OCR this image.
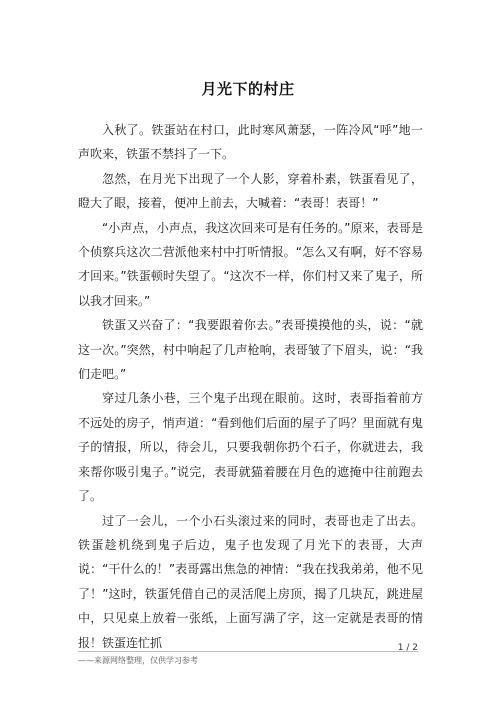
月光下的村庄

入秋了。铁蛋站在村口，此时寒风萧瑟，一阵冷风“呼”地一声吹来，铁蛋不禁抖了一下。

忽然，在月光下出现了一个人影，穿着朴素，铁蛋看见了，瞪大了眼，接着，便冲上前去，大喊着：“表哥！表哥！”

“小声点，小声点，我这次回来可是有任务的。”原来，表哥是个侦察兵这次二营派他来村中打听情报。“怎么又有啊，好不容易才回来。”铁蛋顿时失望了。“这次不一样，你们村又来了鬼子，所以我才回来。”

铁蛋又兴奋了：“我要跟着你去。”表哥摸摸他的头，说：“就这一次。”突然，村中响起了几声枪响，表哥皱了下眉头，说：“我们走吧。”

穿过几条小巷，三个鬼子出现在眼前。这时，表哥指着前方不远处的房子，悄声道：“看到他们后面的屋子了吗？里面就有鬼子的情报，所以，待会儿，只要我朝你扔个石子，你就进去，我来帮你吸引鬼子。”说完，表哥就猫着腰在月色的遮掩中往前跑去了。

过了一会儿，一个小石头滚过来的同时，表哥也走了出去。铁蛋趁机绕到鬼子后边，鬼子也发现了月光下的表哥，大声说：“干什么的！”表哥露出焦急的神情：“我在找我弟弟，他不见了！”这时，铁蛋凭借自己的灵活爬上房顶，揭了几块瓦，跳进屋中，只见桌上放着一张纸，上面写满了字，这一定就是表哥的情报！铁蛋连忙抓	1 / 2
——来源网络整理，仅供学习参考
